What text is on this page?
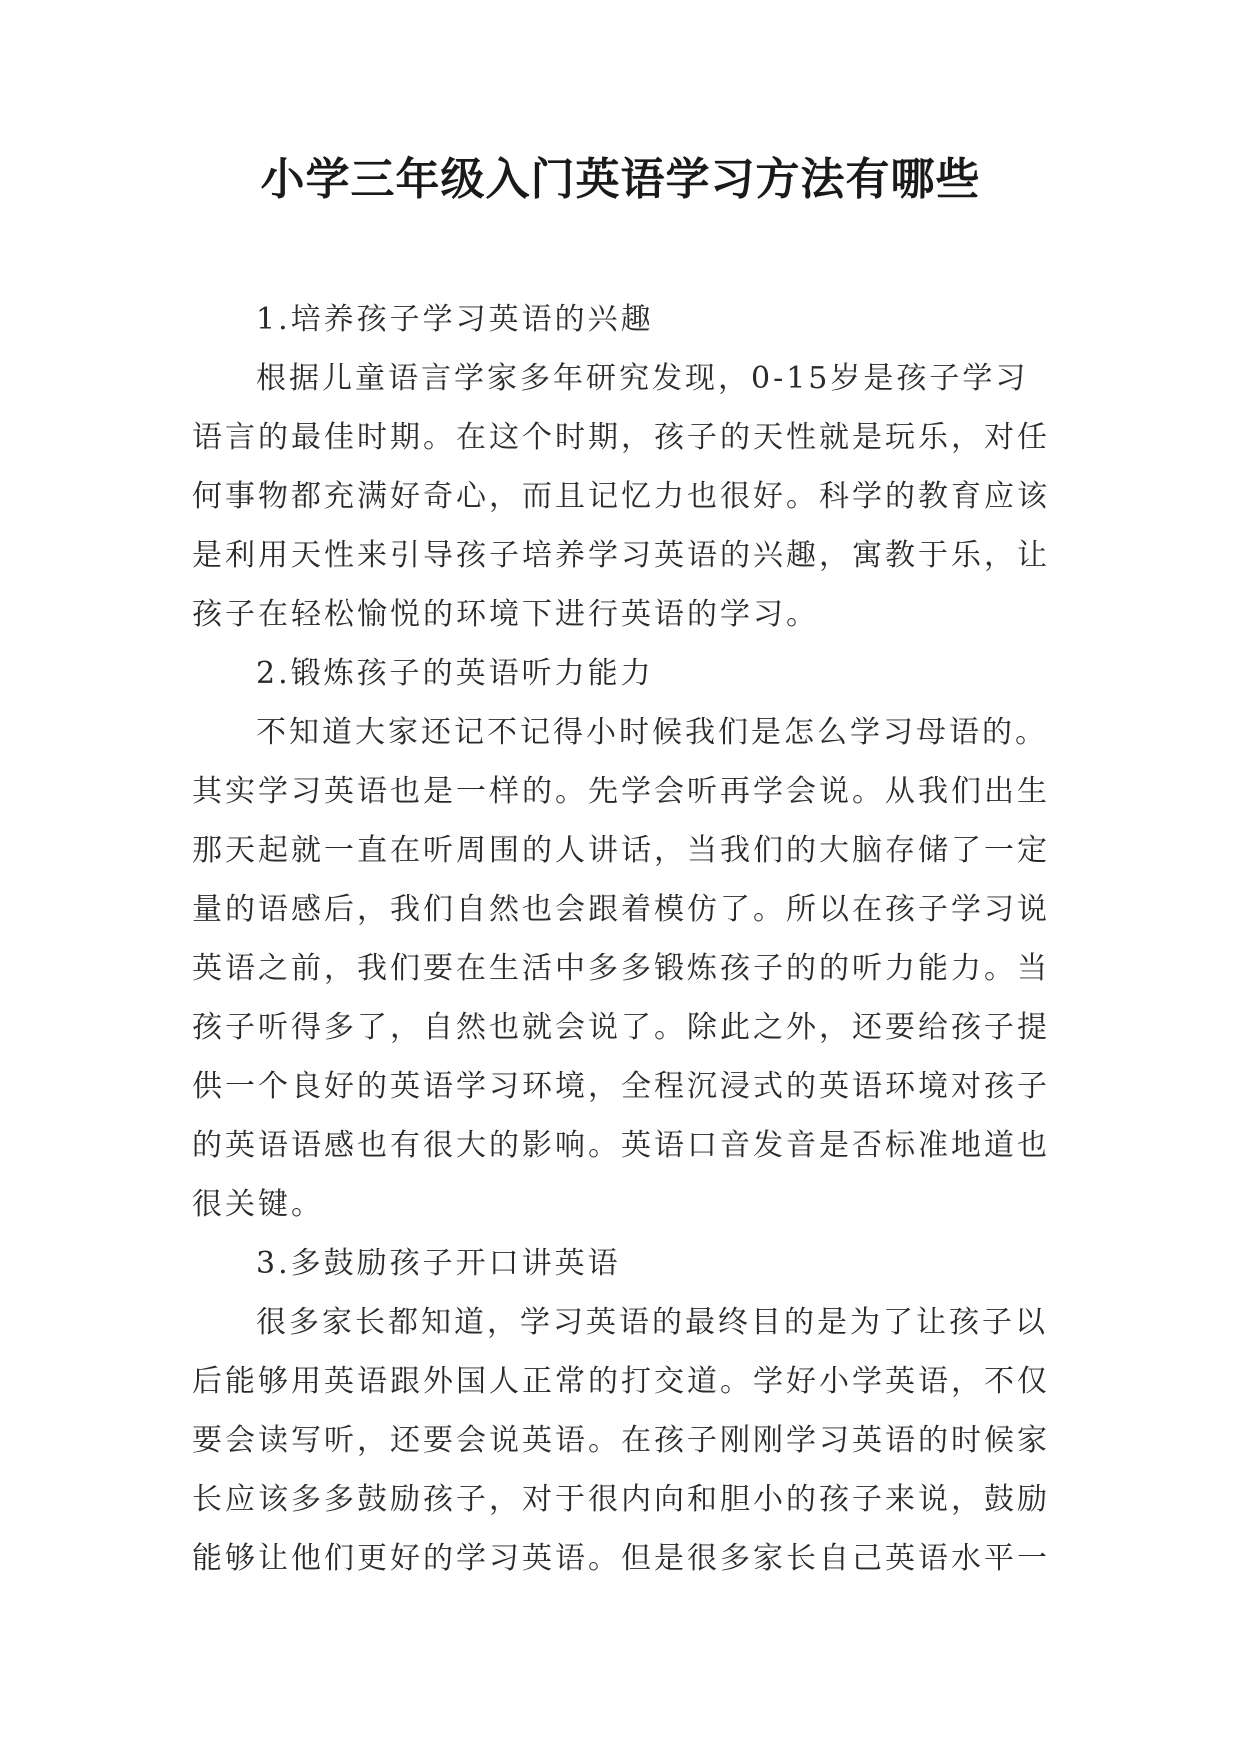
小学三年级入门英语学习方法有哪些

1.培养孩子学习英语的兴趣

根据儿童语言学家多年研究发现，0-15岁是孩子学习语言的最佳时期。在这个时期，孩子的天性就是玩乐，对任何事物都充满好奇心，而且记忆力也很好。科学的教育应该是利用天性来引导孩子培养学习英语的兴趣，寓教于乐，让孩子在轻松愉悦的环境下进行英语的学习。

2.锻炼孩子的英语听力能力

不知道大家还记不记得小时候我们是怎么学习母语的。其实学习英语也是一样的。先学会听再学会说。从我们出生那天起就一直在听周围的人讲话，当我们的大脑存储了一定量的语感后，我们自然也会跟着模仿了。所以在孩子学习说英语之前，我们要在生活中多多锻炼孩子的的听力能力。当孩子听得多了，自然也就会说了。除此之外，还要给孩子提供一个良好的英语学习环境，全程沉浸式的英语环境对孩子的英语语感也有很大的影响。英语口音发音是否标准地道也很关键。

3.多鼓励孩子开口讲英语

很多家长都知道，学习英语的最终目的是为了让孩子以后能够用英语跟外国人正常的打交道。学好小学英语，不仅要会读写听，还要会说英语。在孩子刚刚学习英语的时候家长应该多多鼓励孩子，对于很内向和胆小的孩子来说，鼓励能够让他们更好的学习英语。但是很多家长自己英语水平一
